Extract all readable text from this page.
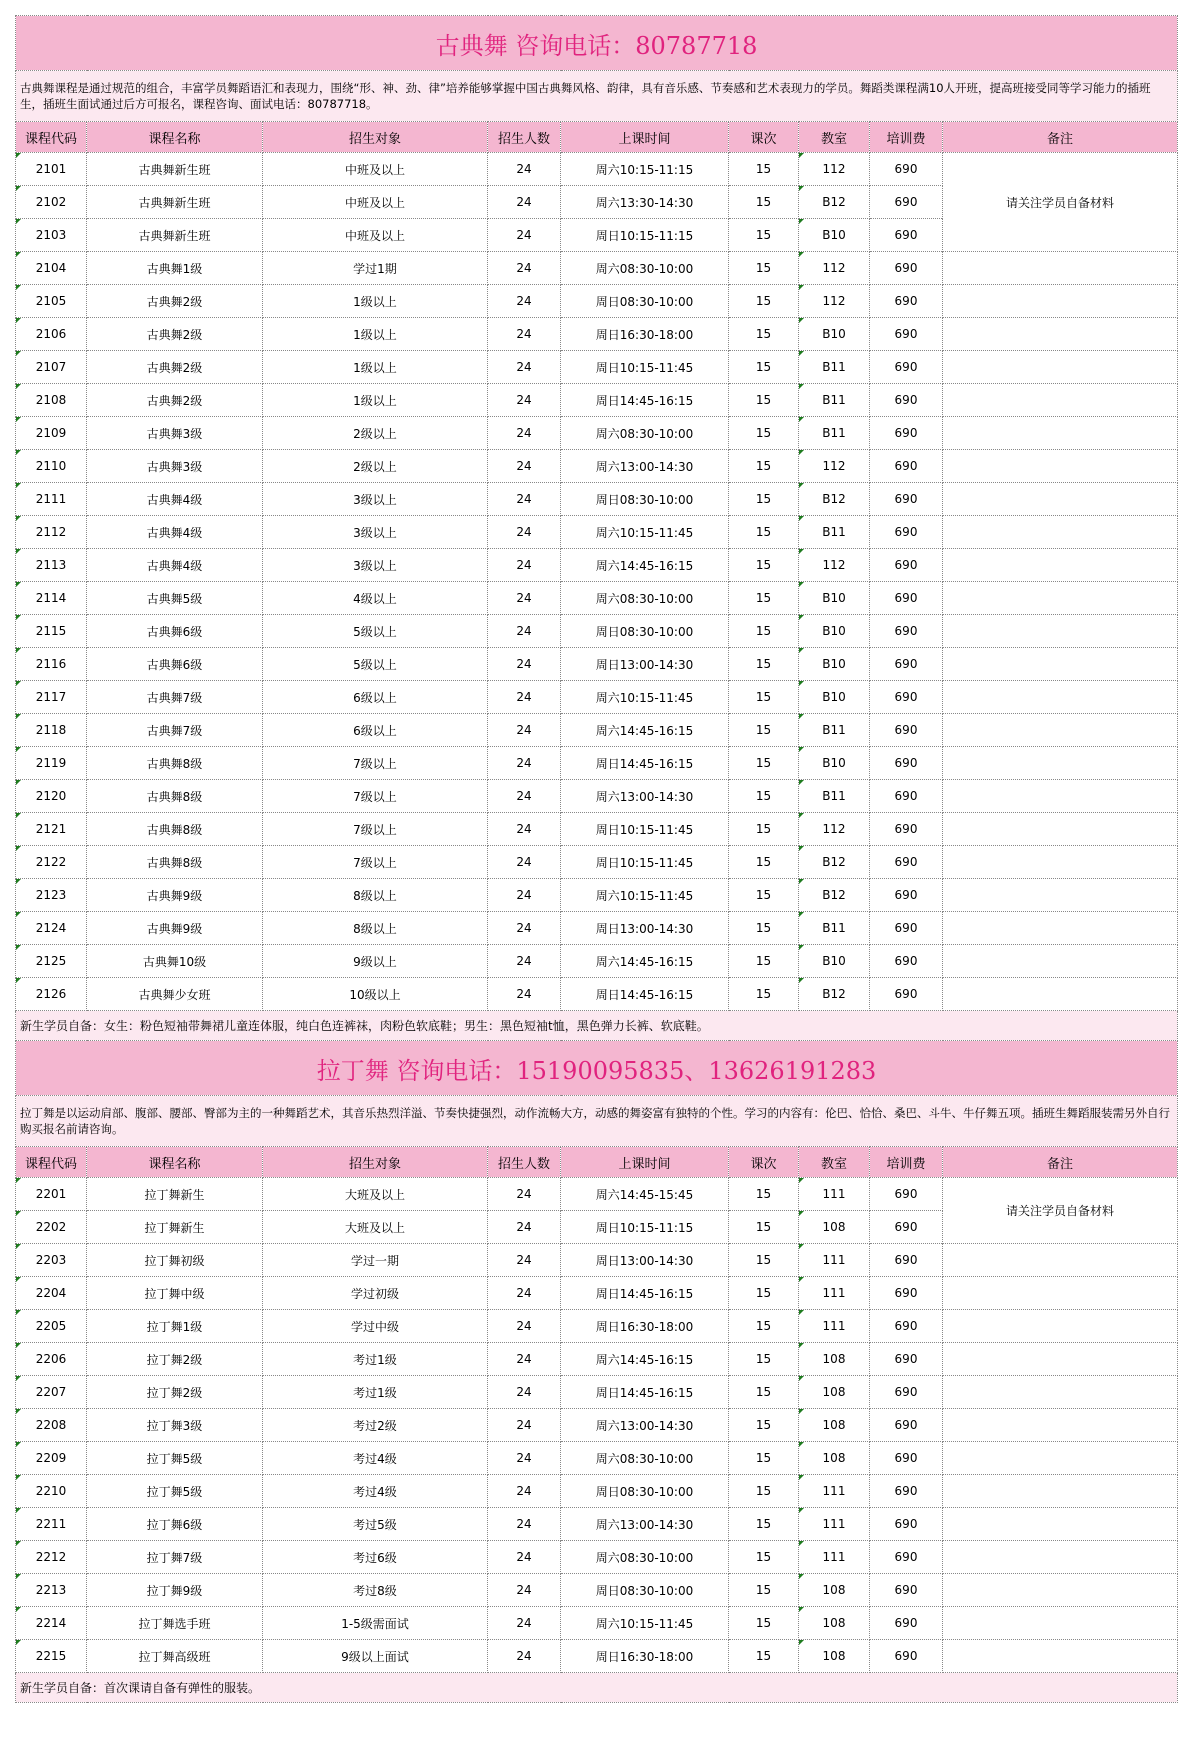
古典舞 咨询电话：80787718								
古典舞课程是通过规范的组合，丰富学员舞蹈语汇和表现力，围绕“形、神、劲、律”培养能够掌握中国古典舞风格、韵律，具有音乐感、节奏感和艺术表现力的学员。舞蹈类课程满10人开班，提高班接受同等学习能力的插班生，插班生面试通过后方可报名，课程咨询、面试电话：80787718。								
课程代码	课程名称	招生对象	招生人数	上课时间	课次	教室	培训费	备注
2101	古典舞新生班	中班及以上	24	周六10:15-11:15	15	112	690	请关注学员自备材料
2102	古典舞新生班	中班及以上	24	周六13:30-14:30	15	B12	690	
2103	古典舞新生班	中班及以上	24	周日10:15-11:15	15	B10	690	
2104	古典舞1级	学过1期	24	周六08:30-10:00	15	112	690	
2105	古典舞2级	1级以上	24	周日08:30-10:00	15	112	690	
2106	古典舞2级	1级以上	24	周日16:30-18:00	15	B10	690	
2107	古典舞2级	1级以上	24	周日10:15-11:45	15	B11	690	
2108	古典舞2级	1级以上	24	周日14:45-16:15	15	B11	690	
2109	古典舞3级	2级以上	24	周六08:30-10:00	15	B11	690	
2110	古典舞3级	2级以上	24	周六13:00-14:30	15	112	690	
2111	古典舞4级	3级以上	24	周日08:30-10:00	15	B12	690	
2112	古典舞4级	3级以上	24	周六10:15-11:45	15	B11	690	
2113	古典舞4级	3级以上	24	周六14:45-16:15	15	112	690	
2114	古典舞5级	4级以上	24	周六08:30-10:00	15	B10	690	
2115	古典舞6级	5级以上	24	周日08:30-10:00	15	B10	690	
2116	古典舞6级	5级以上	24	周日13:00-14:30	15	B10	690	
2117	古典舞7级	6级以上	24	周六10:15-11:45	15	B10	690	
2118	古典舞7级	6级以上	24	周六14:45-16:15	15	B11	690	
2119	古典舞8级	7级以上	24	周日14:45-16:15	15	B10	690	
2120	古典舞8级	7级以上	24	周六13:00-14:30	15	B11	690	
2121	古典舞8级	7级以上	24	周日10:15-11:45	15	112	690	
2122	古典舞8级	7级以上	24	周日10:15-11:45	15	B12	690	
2123	古典舞9级	8级以上	24	周六10:15-11:45	15	B12	690	
2124	古典舞9级	8级以上	24	周日13:00-14:30	15	B11	690	
2125	古典舞10级	9级以上	24	周六14:45-16:15	15	B10	690	
2126	古典舞少女班	10级以上	24	周日14:45-16:15	15	B12	690	
新生学员自备：女生：粉色短袖带舞裙儿童连体服，纯白色连裤袜，肉粉色软底鞋；男生：黑色短袖t恤，黑色弹力长裤、软底鞋。								
拉丁舞 咨询电话：15190095835、13626191283								
拉丁舞是以运动肩部、腹部、腰部、臀部为主的一种舞蹈艺术，其音乐热烈洋溢、节奏快捷强烈，动作流畅大方，动感的舞姿富有独特的个性。学习的内容有：伦巴、恰恰、桑巴、斗牛、牛仔舞五项。插班生舞蹈服装需另外自行购买报名前请咨询。								
课程代码	课程名称	招生对象	招生人数	上课时间	课次	教室	培训费	备注
2201	拉丁舞新生	大班及以上	24	周六14:45-15:45	15	111	690	请关注学员自备材料
2202	拉丁舞新生	大班及以上	24	周日10:15-11:15	15	108	690	
2203	拉丁舞初级	学过一期	24	周日13:00-14:30	15	111	690	
2204	拉丁舞中级	学过初级	24	周日14:45-16:15	15	111	690	
2205	拉丁舞1级	学过中级	24	周日16:30-18:00	15	111	690	
2206	拉丁舞2级	考过1级	24	周六14:45-16:15	15	108	690	
2207	拉丁舞2级	考过1级	24	周日14:45-16:15	15	108	690	
2208	拉丁舞3级	考过2级	24	周六13:00-14:30	15	108	690	
2209	拉丁舞5级	考过4级	24	周六08:30-10:00	15	108	690	
2210	拉丁舞5级	考过4级	24	周日08:30-10:00	15	111	690	
2211	拉丁舞6级	考过5级	24	周六13:00-14:30	15	111	690	
2212	拉丁舞7级	考过6级	24	周六08:30-10:00	15	111	690	
2213	拉丁舞9级	考过8级	24	周日08:30-10:00	15	108	690	
2214	拉丁舞选手班	1-5级需面试	24	周六10:15-11:45	15	108	690	
2215	拉丁舞高级班	9级以上面试	24	周日16:30-18:00	15	108	690	
新生学员自备：首次课请自备有弹性的服装。								
